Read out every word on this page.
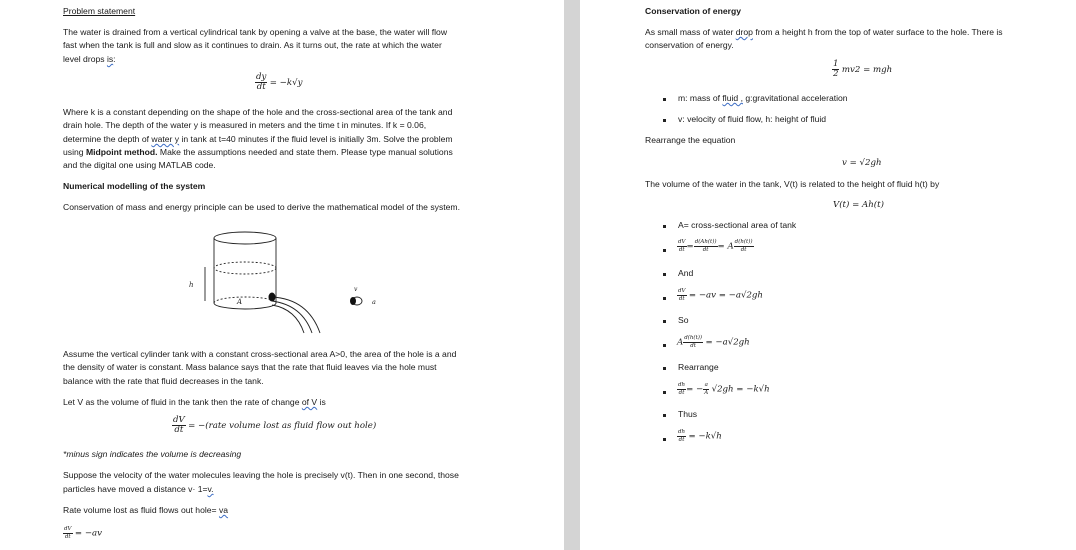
Problem statement
The water is drained from a vertical cylindrical tank by opening a valve at the base, the water will flow
fast when the tank is full and slow as it continues to drain. As it turns out, the rate at which the water
level drops is:
$\frac{dy}{dt} = -k√y$
Where k is a constant depending on the shape of the hole and the cross-sectional area of the tank and
drain hole. The depth of the water y is measured in meters and the time t in minutes. If k = 0.06,
determine the depth of water y in tank at t=40 minutes if the fluid level is initially 3m. Solve the problem
using Midpoint method. Make the assumptions needed and state them. Please type manual solutions
and the digital one using MATLAB code.
Numerical modelling of the system
Conservation of mass and energy principle can be used to derive the mathematical model of the system.
h
A
v
a
Assume the vertical cylinder tank with a constant cross-sectional area A>0, the area of the hole is a and
the density of water is constant. Mass balance says that the rate that fluid leaves via the hole must
balance with the rate that fluid decreases in the tank.
Let V as the volume of fluid in the tank then the rate of change of V is
$\frac{dV}{dt}$ = −(rate volume lost as fluid flow out hole)
*minus sign indicates the volume is decreasing
Suppose the velocity of the water molecules leaving the hole is precisely v(t). Then in one second, those
particles have moved a distance v· 1=v.
Rate volume lost as fluid flows out hole= va
$\frac{dV}{dt} = -av$
Conservation of energy
As small mass of water drop from a height h from the top of water surface to the hole. There is
conservation of energy.
$\frac{1}{2} mv2$ = mgh
m: mass of fluid , g:gravitational acceleration
v: velocity of fluid flow, h: height of fluid
Rearrange the equation
v = √2gh
The volume of the water in the tank, V(t) is related to the height of fluid h(t) by
V(t) = Ah(t)
A= cross-sectional area of tank
$\frac{dV}{dt} = \frac{d(Ah(t))}{dt} = A \frac{d(h(t))}{dt}$
And
$\frac{dV}{dt} = -av = -a√2gh$
So
A $\frac{d(h(t))}{dt} = -a√2gh$
Rearrange
$\frac{dh}{dt}$ = − $\frac{a}{A} √2gh = -k√h$
Thus
$\frac{dh}{dt} = -k√h$
